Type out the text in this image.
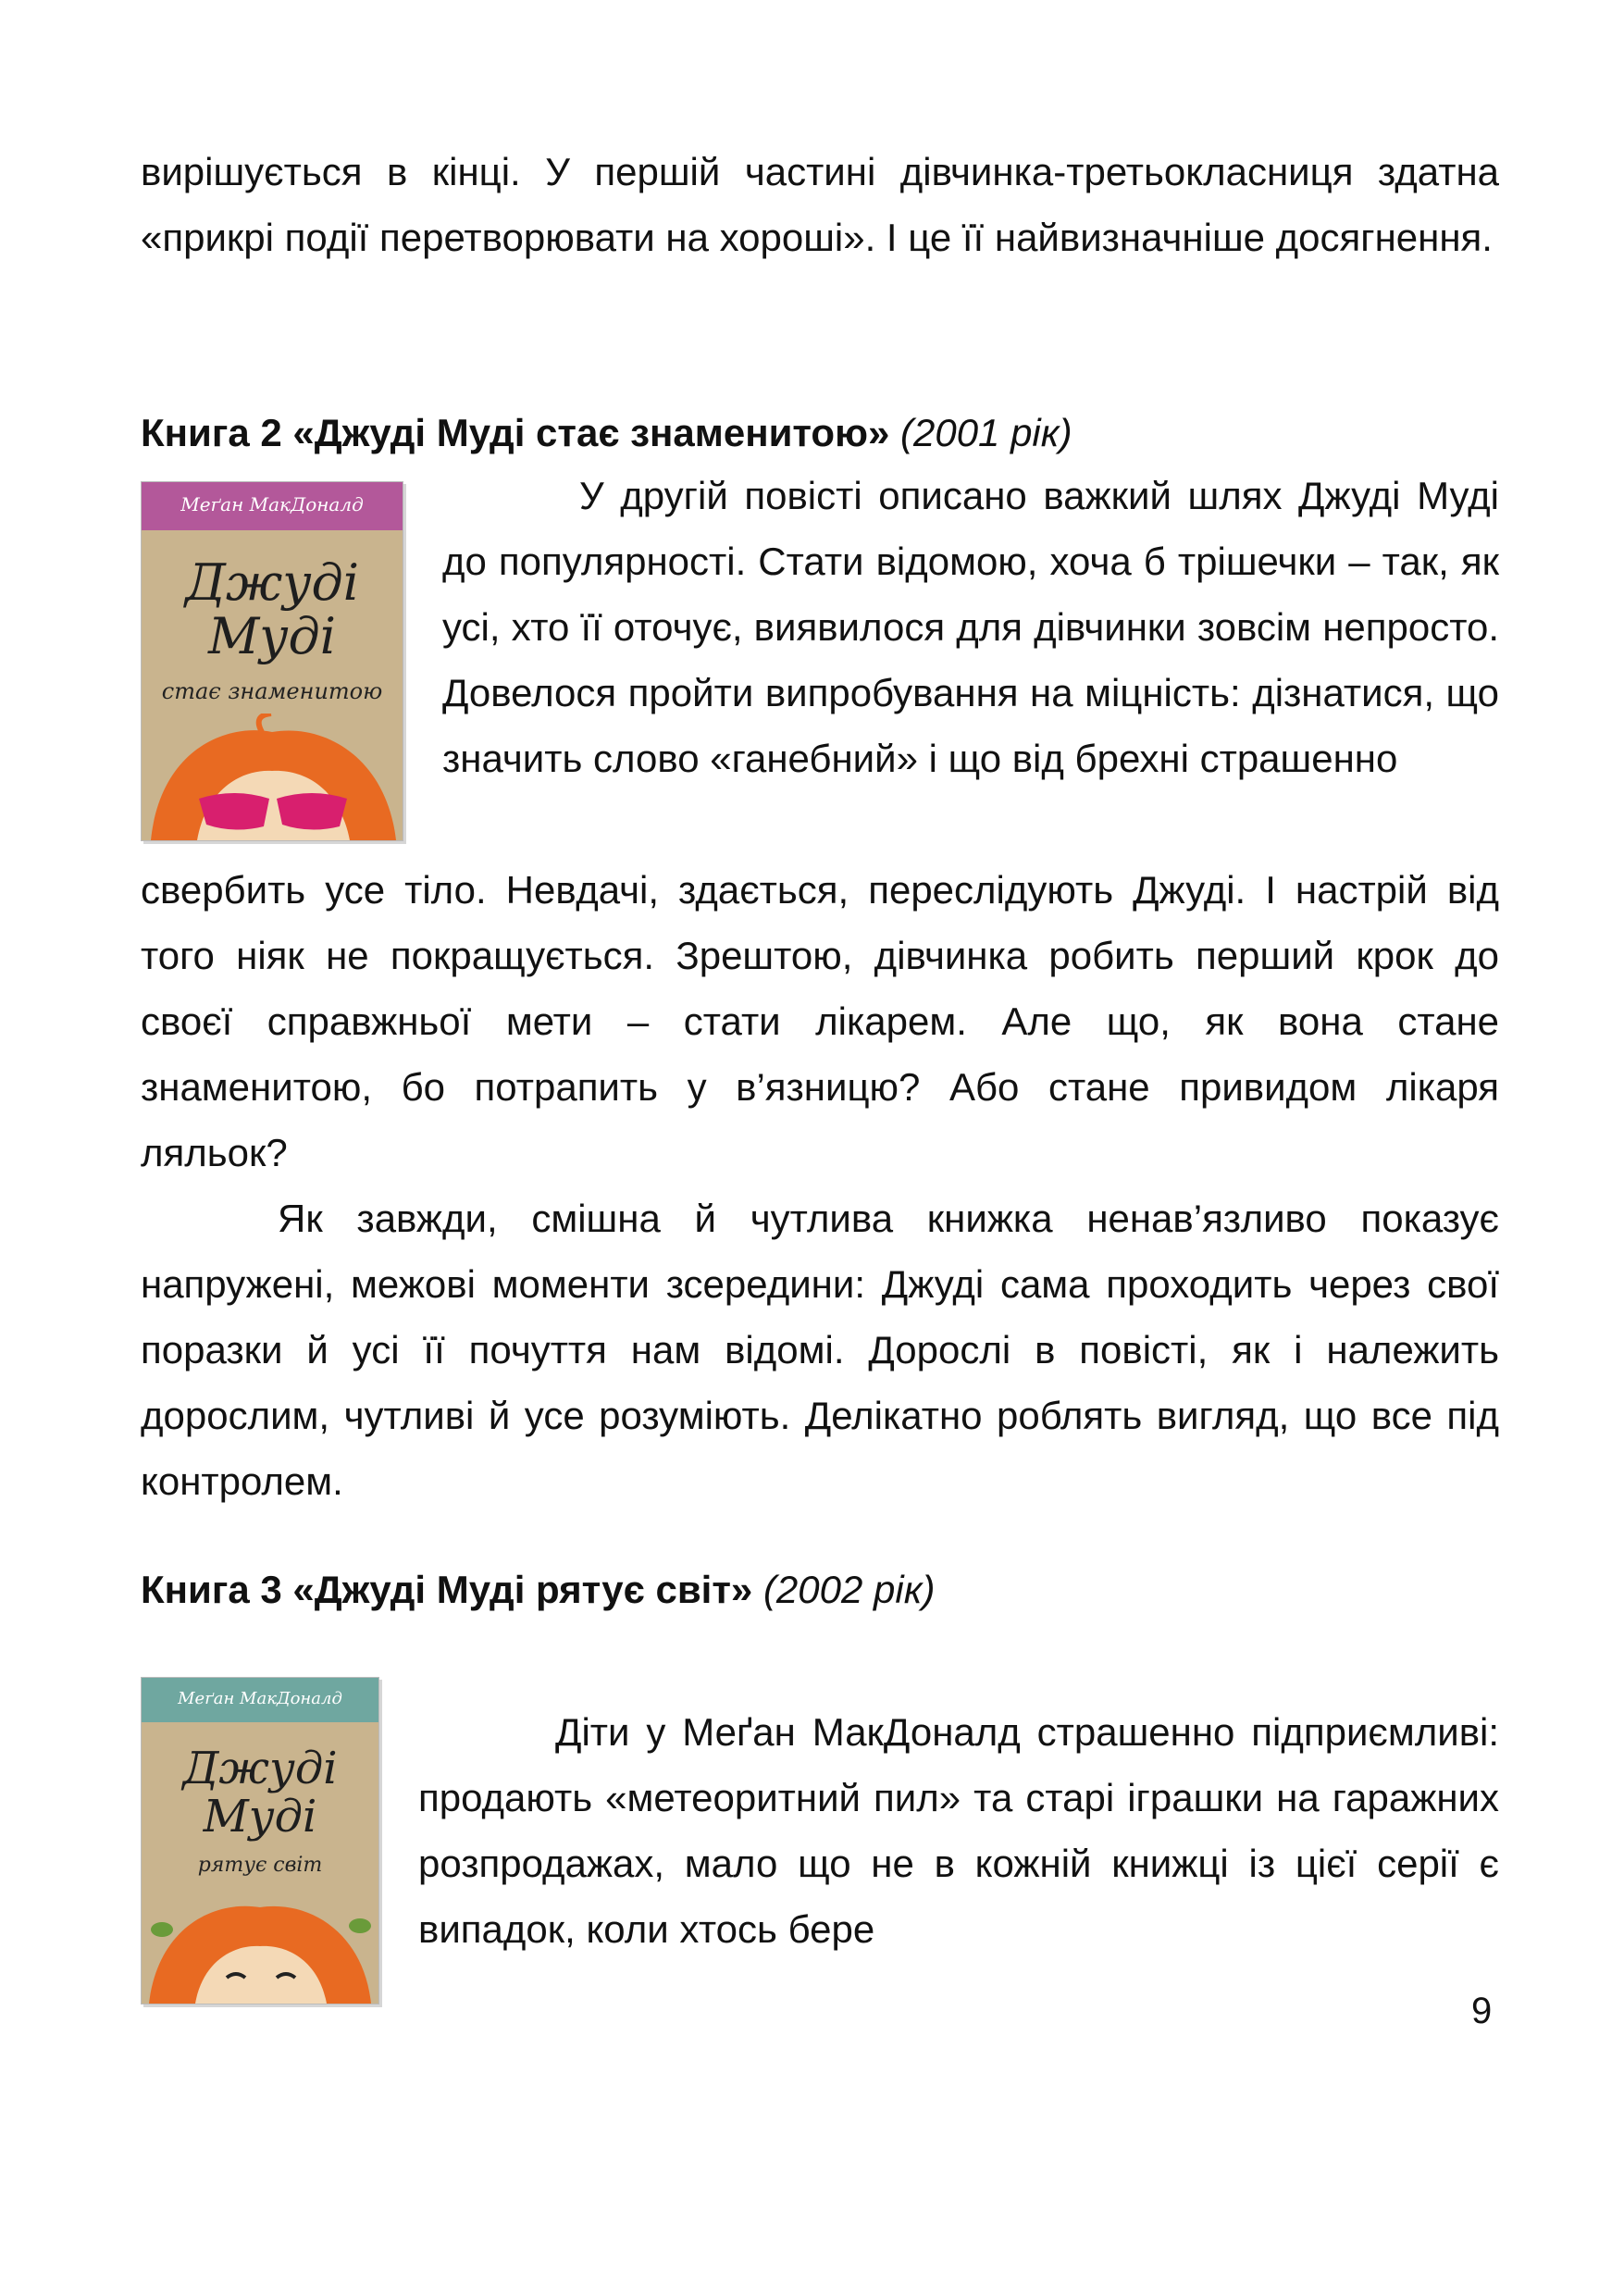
вирішується в кінці. У першій частині дівчинка-третьокласниця здатна «прикрі події перетворювати на хороші». І це її найвизначніше досягнення.

Книга 2 «Джуді Муді стає знаменитою» (2001 рік)

Меґан МакДоналд
Джуді
Муді
стає знаменитою

У другій повісті описано важкий шлях Джуді Муді до популярності. Стати відомою, хоча б трішечки – так, як усі, хто її оточує, виявилося для дівчинки зовсім непросто. Довелося пройти випробування на міцність: дізнатися, що значить слово «ганебний» і що від брехні страшенно

свербить усе тіло. Невдачі, здається, переслідують Джуді. І настрій від того ніяк не покращується. Зрештою, дівчинка робить перший крок до своєї справжньої мети – стати лікарем. Але що, як вона стане знаменитою, бо потрапить у в’язницю? Або стане привидом лікаря ляльок?

Як завжди, смішна й чутлива книжка ненав’язливо показує напружені, межові моменти зсередини: Джуді сама проходить через свої поразки й усі її почуття нам відомі. Дорослі в повісті, як і належить дорослим, чутливі й усе розуміють. Делікатно роблять вигляд, що все під контролем.

Книга 3 «Джуді Муді рятує світ» (2002 рік)

Меґан МакДоналд
Джуді
Муді
рятує світ

Діти у Меґан МакДоналд страшенно підприємливі: продають «метеоритний пил» та старі іграшки на гаражних розпродажах, мало що не в кожній книжці із цієї серії є випадок, коли хтось бере

9
